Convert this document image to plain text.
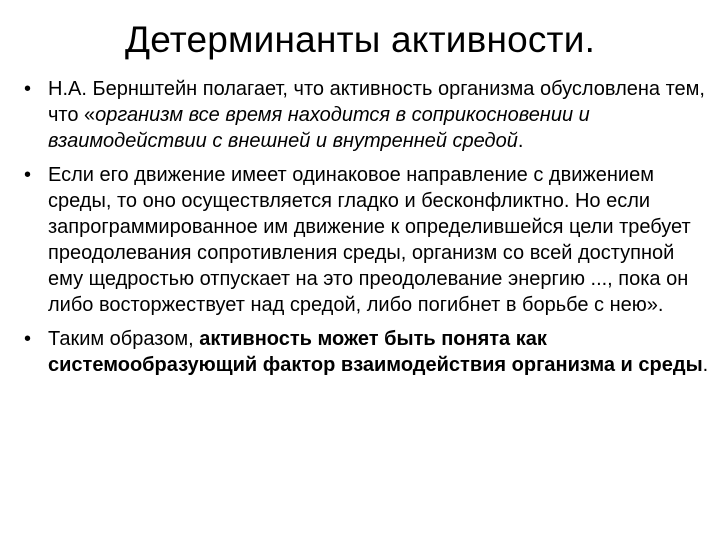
Детерминанты активности.
• Н.А. Бернштейн полагает, что активность организма обусловлена тем, что «организм все время находится в соприкосновении и взаимодействии с внешней и внутренней средой.
• Если его движение имеет одинаковое направление с движением среды, то оно осуществляется гладко и бесконфликтно. Но если запрограммированное им движение к определившейся цели требует преодолевания сопротивления среды, организм со всей доступной ему щедростью отпускает на это преодолевание энергию ..., пока он либо восторжествует над средой, либо погибнет в борьбе с нею».
• Таким образом, активность может быть понята как системообразующий фактор взаимодействия организма и среды.
